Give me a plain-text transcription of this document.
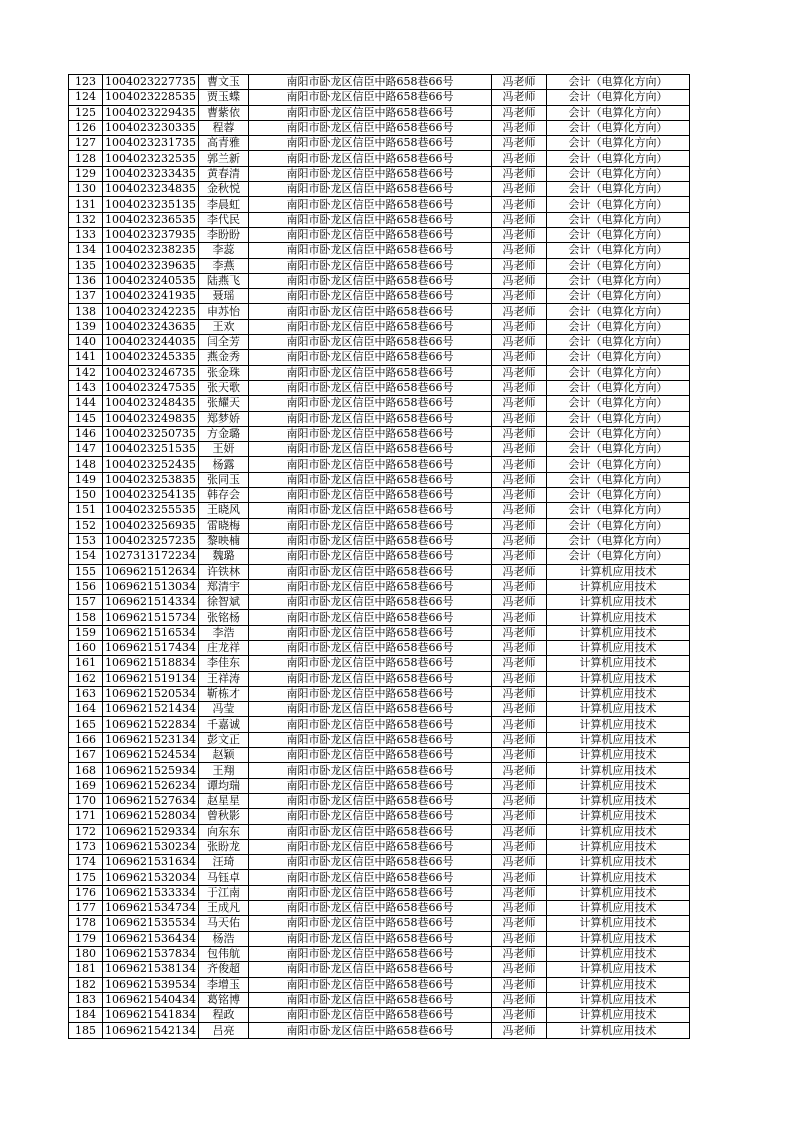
123	1004023227735	曹文玉	南阳市卧龙区信臣中路658巷66号	冯老师	会计（电算化方向）
124	1004023228535	贾玉蝶	南阳市卧龙区信臣中路658巷66号	冯老师	会计（电算化方向）
125	1004023229435	曹紫依	南阳市卧龙区信臣中路658巷66号	冯老师	会计（电算化方向）
126	1004023230335	程蓉	南阳市卧龙区信臣中路658巷66号	冯老师	会计（电算化方向）
127	1004023231735	高青雅	南阳市卧龙区信臣中路658巷66号	冯老师	会计（电算化方向）
128	1004023232535	郭兰新	南阳市卧龙区信臣中路658巷66号	冯老师	会计（电算化方向）
129	1004023233435	黄春清	南阳市卧龙区信臣中路658巷66号	冯老师	会计（电算化方向）
130	1004023234835	金秋悦	南阳市卧龙区信臣中路658巷66号	冯老师	会计（电算化方向）
131	1004023235135	李晨虹	南阳市卧龙区信臣中路658巷66号	冯老师	会计（电算化方向）
132	1004023236535	李代民	南阳市卧龙区信臣中路658巷66号	冯老师	会计（电算化方向）
133	1004023237935	李盼盼	南阳市卧龙区信臣中路658巷66号	冯老师	会计（电算化方向）
134	1004023238235	李蕊	南阳市卧龙区信臣中路658巷66号	冯老师	会计（电算化方向）
135	1004023239635	李燕	南阳市卧龙区信臣中路658巷66号	冯老师	会计（电算化方向）
136	1004023240535	陆燕飞	南阳市卧龙区信臣中路658巷66号	冯老师	会计（电算化方向）
137	1004023241935	聂瑶	南阳市卧龙区信臣中路658巷66号	冯老师	会计（电算化方向）
138	1004023242235	申苏怡	南阳市卧龙区信臣中路658巷66号	冯老师	会计（电算化方向）
139	1004023243635	王欢	南阳市卧龙区信臣中路658巷66号	冯老师	会计（电算化方向）
140	1004023244035	闫全芳	南阳市卧龙区信臣中路658巷66号	冯老师	会计（电算化方向）
141	1004023245335	燕金秀	南阳市卧龙区信臣中路658巷66号	冯老师	会计（电算化方向）
142	1004023246735	张金珠	南阳市卧龙区信臣中路658巷66号	冯老师	会计（电算化方向）
143	1004023247535	张天歌	南阳市卧龙区信臣中路658巷66号	冯老师	会计（电算化方向）
144	1004023248435	张耀天	南阳市卧龙区信臣中路658巷66号	冯老师	会计（电算化方向）
145	1004023249835	郑梦娇	南阳市卧龙区信臣中路658巷66号	冯老师	会计（电算化方向）
146	1004023250735	方金璐	南阳市卧龙区信臣中路658巷66号	冯老师	会计（电算化方向）
147	1004023251535	王妍	南阳市卧龙区信臣中路658巷66号	冯老师	会计（电算化方向）
148	1004023252435	杨露	南阳市卧龙区信臣中路658巷66号	冯老师	会计（电算化方向）
149	1004023253835	张同玉	南阳市卧龙区信臣中路658巷66号	冯老师	会计（电算化方向）
150	1004023254135	韩存会	南阳市卧龙区信臣中路658巷66号	冯老师	会计（电算化方向）
151	1004023255535	王晓风	南阳市卧龙区信臣中路658巷66号	冯老师	会计（电算化方向）
152	1004023256935	雷晓梅	南阳市卧龙区信臣中路658巷66号	冯老师	会计（电算化方向）
153	1004023257235	黎映楠	南阳市卧龙区信臣中路658巷66号	冯老师	会计（电算化方向）
154	1027313172234	魏璐	南阳市卧龙区信臣中路658巷66号	冯老师	会计（电算化方向）
155	1069621512634	许铁林	南阳市卧龙区信臣中路658巷66号	冯老师	计算机应用技术
156	1069621513034	郑清宇	南阳市卧龙区信臣中路658巷66号	冯老师	计算机应用技术
157	1069621514334	徐智斌	南阳市卧龙区信臣中路658巷66号	冯老师	计算机应用技术
158	1069621515734	张铭杨	南阳市卧龙区信臣中路658巷66号	冯老师	计算机应用技术
159	1069621516534	李浩	南阳市卧龙区信臣中路658巷66号	冯老师	计算机应用技术
160	1069621517434	庄龙祥	南阳市卧龙区信臣中路658巷66号	冯老师	计算机应用技术
161	1069621518834	李佳东	南阳市卧龙区信臣中路658巷66号	冯老师	计算机应用技术
162	1069621519134	王祥涛	南阳市卧龙区信臣中路658巷66号	冯老师	计算机应用技术
163	1069621520534	靳栋才	南阳市卧龙区信臣中路658巷66号	冯老师	计算机应用技术
164	1069621521434	冯莹	南阳市卧龙区信臣中路658巷66号	冯老师	计算机应用技术
165	1069621522834	千嘉诚	南阳市卧龙区信臣中路658巷66号	冯老师	计算机应用技术
166	1069621523134	彭文正	南阳市卧龙区信臣中路658巷66号	冯老师	计算机应用技术
167	1069621524534	赵颖	南阳市卧龙区信臣中路658巷66号	冯老师	计算机应用技术
168	1069621525934	王翔	南阳市卧龙区信臣中路658巷66号	冯老师	计算机应用技术
169	1069621526234	谭均瑞	南阳市卧龙区信臣中路658巷66号	冯老师	计算机应用技术
170	1069621527634	赵星星	南阳市卧龙区信臣中路658巷66号	冯老师	计算机应用技术
171	1069621528034	曾秋影	南阳市卧龙区信臣中路658巷66号	冯老师	计算机应用技术
172	1069621529334	向东东	南阳市卧龙区信臣中路658巷66号	冯老师	计算机应用技术
173	1069621530234	张盼龙	南阳市卧龙区信臣中路658巷66号	冯老师	计算机应用技术
174	1069621531634	汪琦	南阳市卧龙区信臣中路658巷66号	冯老师	计算机应用技术
175	1069621532034	马钰卓	南阳市卧龙区信臣中路658巷66号	冯老师	计算机应用技术
176	1069621533334	于江南	南阳市卧龙区信臣中路658巷66号	冯老师	计算机应用技术
177	1069621534734	王成凡	南阳市卧龙区信臣中路658巷66号	冯老师	计算机应用技术
178	1069621535534	马天佑	南阳市卧龙区信臣中路658巷66号	冯老师	计算机应用技术
179	1069621536434	杨浩	南阳市卧龙区信臣中路658巷66号	冯老师	计算机应用技术
180	1069621537834	包伟航	南阳市卧龙区信臣中路658巷66号	冯老师	计算机应用技术
181	1069621538134	齐俊超	南阳市卧龙区信臣中路658巷66号	冯老师	计算机应用技术
182	1069621539534	李增玉	南阳市卧龙区信臣中路658巷66号	冯老师	计算机应用技术
183	1069621540434	葛铭博	南阳市卧龙区信臣中路658巷66号	冯老师	计算机应用技术
184	1069621541834	程政	南阳市卧龙区信臣中路658巷66号	冯老师	计算机应用技术
185	1069621542134	吕亮	南阳市卧龙区信臣中路658巷66号	冯老师	计算机应用技术
